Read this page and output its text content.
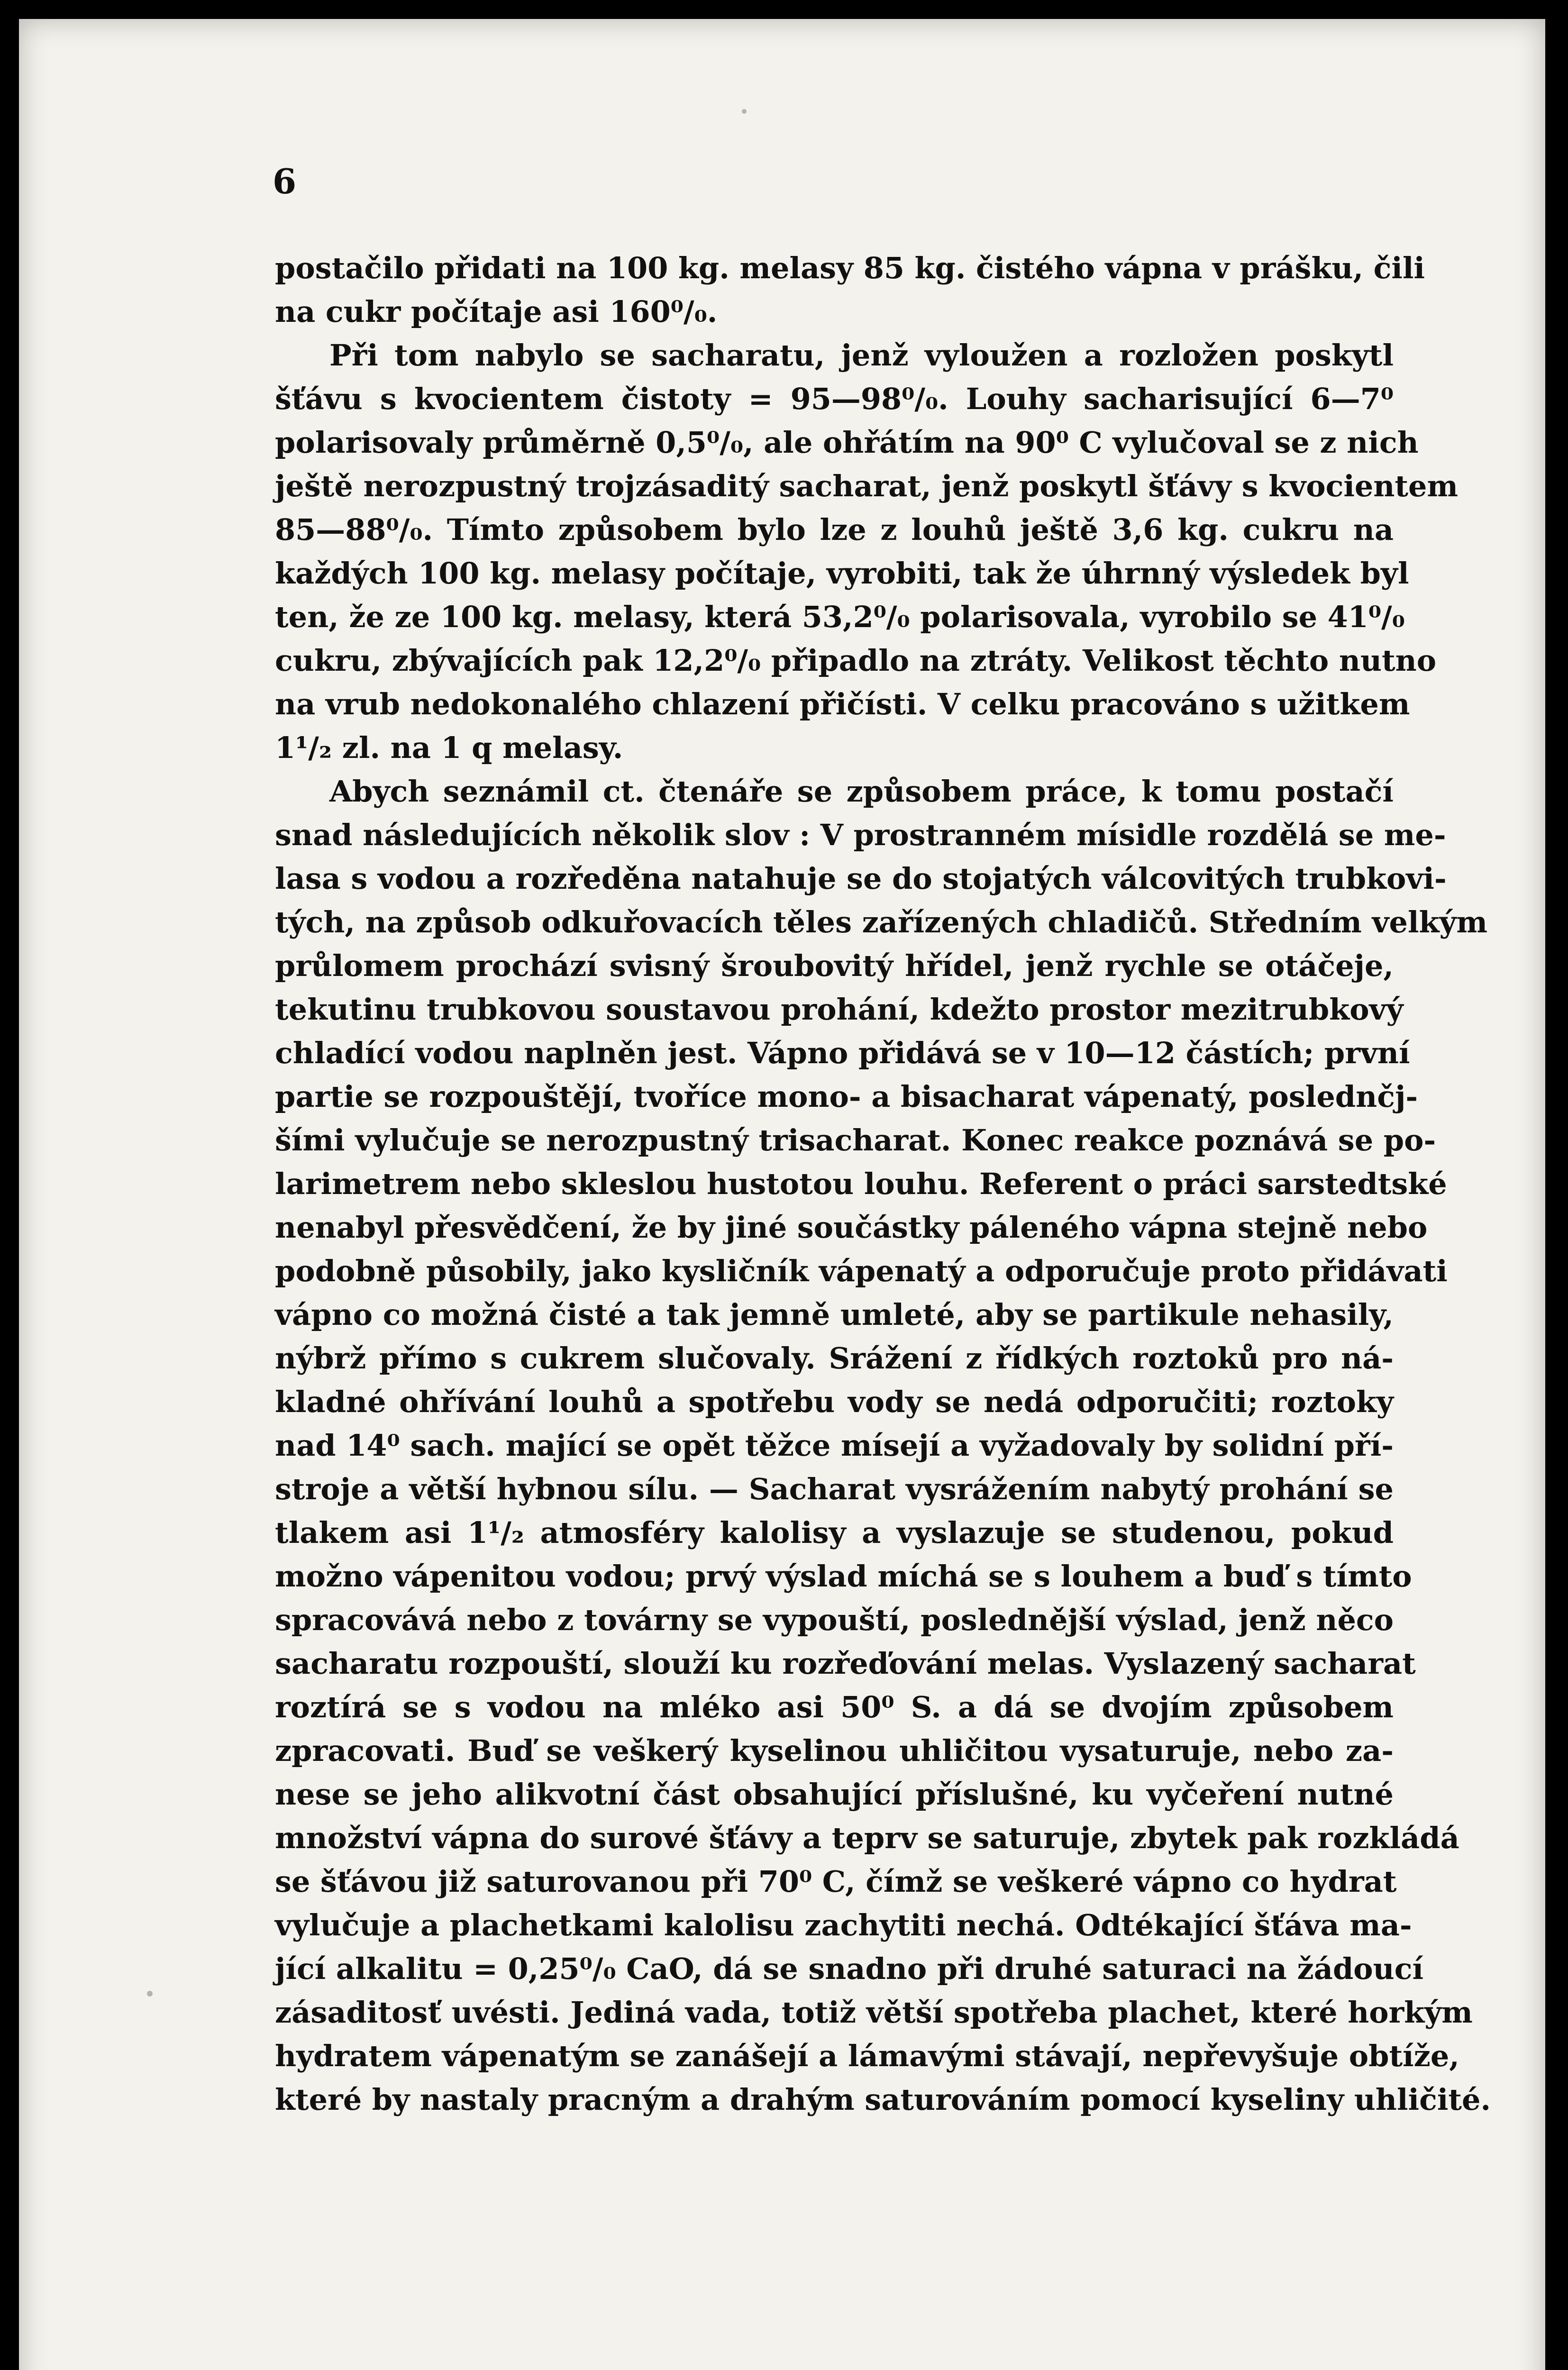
6
postačilo přidati na 100 kg. melasy 85 kg. čistého vápna v prášku, čili
na cukr počítaje asi 160⁰/₀.
Při tom nabylo se sacharatu, jenž vyloužen a rozložen poskytl
šťávu s kvocientem čistoty = 95—98⁰/₀. Louhy sacharisující 6—7⁰
polarisovaly průměrně 0,5⁰/₀, ale ohřátím na 90⁰ C vylučoval se z nich
ještě nerozpustný trojzásaditý sacharat, jenž poskytl šťávy s kvocientem
85—88⁰/₀. Tímto způsobem bylo lze z louhů ještě 3,6 kg. cukru na
každých 100 kg. melasy počítaje, vyrobiti, tak že úhrnný výsledek byl
ten, že ze 100 kg. melasy, která 53,2⁰/₀ polarisovala, vyrobilo se 41⁰/₀
cukru, zbývajících pak 12,2⁰/₀ připadlo na ztráty. Velikost těchto nutno
na vrub nedokonalého chlazení přičísti. V celku pracováno s užitkem
1¹/₂ zl. na 1 q melasy.
Abych seznámil ct. čtenáře se způsobem práce, k tomu postačí
snad následujících několik slov : V prostranném mísidle rozdělá se me-
lasa s vodou a rozředěna natahuje se do stojatých válcovitých trubkovi-
tých, na způsob odkuřovacích těles zařízených chladičů. Středním velkým
průlomem prochází svisný šroubovitý hřídel, jenž rychle se otáčeje,
tekutinu trubkovou soustavou prohání, kdežto prostor mezitrubkový
chladící vodou naplněn jest. Vápno přidává se v 10—12 částích; první
partie se rozpouštějí, tvoříce mono- a bisacharat vápenatý, poslednčj-
šími vylučuje se nerozpustný trisacharat. Konec reakce poznává se po-
larimetrem nebo skleslou hustotou louhu. Referent o práci sarstedtské
nenabyl přesvědčení, že by jiné součástky páleného vápna stejně nebo
podobně působily, jako kysličník vápenatý a odporučuje proto přidávati
vápno co možná čisté a tak jemně umleté, aby se partikule nehasily,
nýbrž přímo s cukrem slučovaly. Srážení z řídkých roztoků pro ná-
kladné ohřívání louhů a spotřebu vody se nedá odporučiti; roztoky
nad 14⁰ sach. mající se opět těžce mísejí a vyžadovaly by solidní pří-
stroje a větší hybnou sílu. — Sacharat vysrážením nabytý prohání se
tlakem asi 1¹/₂ atmosféry kalolisy a vyslazuje se studenou, pokud
možno vápenitou vodou; prvý výslad míchá se s louhem a buď s tímto
spracovává nebo z továrny se vypouští, poslednější výslad, jenž něco
sacharatu rozpouští, slouží ku rozřeďování melas. Vyslazený sacharat
roztírá se s vodou na mléko asi 50⁰ S. a dá se dvojím způsobem
zpracovati. Buď se veškerý kyselinou uhličitou vysaturuje, nebo za-
nese se jeho alikvotní část obsahující příslušné, ku vyčeření nutné
množství vápna do surové šťávy a teprv se saturuje, zbytek pak rozkládá
se šťávou již saturovanou při 70⁰ C, čímž se veškeré vápno co hydrat
vylučuje a plachetkami kalolisu zachytiti nechá. Odtékající šťáva ma-
jící alkalitu = 0,25⁰/₀ CaO, dá se snadno při druhé saturaci na žádoucí
zásaditosť uvésti. Jediná vada, totiž větší spotřeba plachet, které horkým
hydratem vápenatým se zanášejí a lámavými stávají, nepřevyšuje obtíže,
které by nastaly pracným a drahým saturováním pomocí kyseliny uhličité.
